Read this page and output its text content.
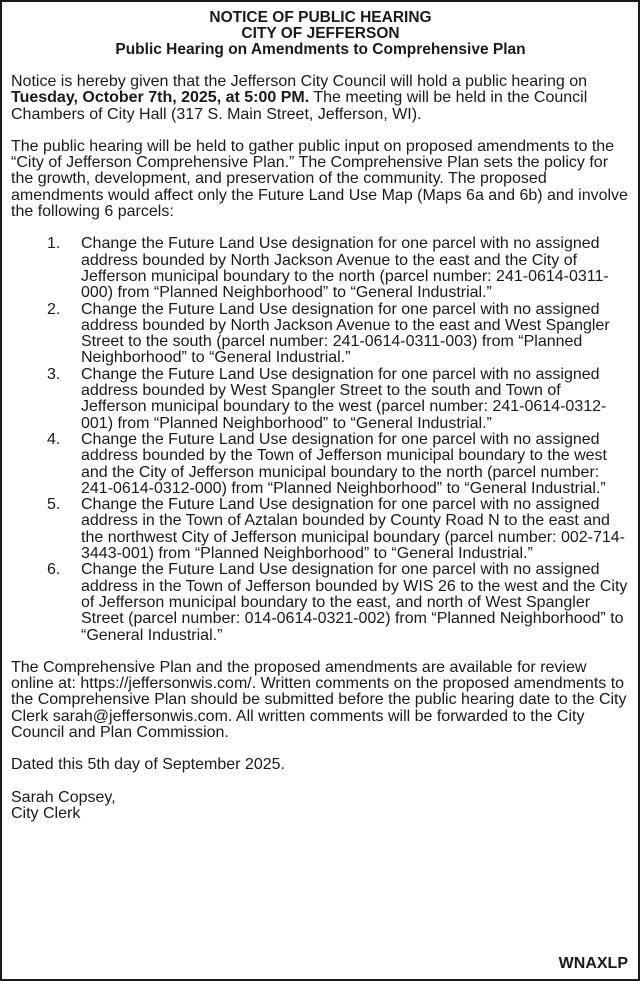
NOTICE OF PUBLIC HEARING
CITY OF JEFFERSON
Public Hearing on Amendments to Comprehensive Plan

Notice is hereby given that the Jefferson City Council will hold a public hearing on Tuesday, October 7th, 2025, at 5:00 PM. The meeting will be held in the Council Chambers of City Hall (317 S. Main Street, Jefferson, WI).

The public hearing will be held to gather public input on proposed amendments to the “City of Jefferson Comprehensive Plan.” The Comprehensive Plan sets the policy for the growth, development, and preservation of the community. The proposed amendments would affect only the Future Land Use Map (Maps 6a and 6b) and involve the following 6 parcels:

1.	Change the Future Land Use designation for one parcel with no assigned address bounded by North Jackson Avenue to the east and the City of Jefferson municipal boundary to the north (parcel number: 241-0614-0311-000) from “Planned Neighborhood” to “General Industrial.”
2.	Change the Future Land Use designation for one parcel with no assigned address bounded by North Jackson Avenue to the east and West Spangler Street to the south (parcel number: 241-0614-0311-003) from “Planned Neighborhood” to “General Industrial.”
3.	Change the Future Land Use designation for one parcel with no assigned address bounded by West Spangler Street to the south and Town of Jefferson municipal boundary to the west (parcel number: 241-0614-0312-001) from “Planned Neighborhood” to “General Industrial.”
4.	Change the Future Land Use designation for one parcel with no assigned address bounded by the Town of Jefferson municipal boundary to the west and the City of Jefferson municipal boundary to the north (parcel number: 241-0614-0312-000) from “Planned Neighborhood” to “General Industrial.”
5.	Change the Future Land Use designation for one parcel with no assigned address in the Town of Aztalan bounded by County Road N to the east and the northwest City of Jefferson municipal boundary (parcel number: 002-714-3443-001) from “Planned Neighborhood” to “General Industrial.”
6.	Change the Future Land Use designation for one parcel with no assigned address in the Town of Jefferson bounded by WIS 26 to the west and the City of Jefferson municipal boundary to the east, and north of West Spangler Street (parcel number: 014-0614-0321-002) from “Planned Neighborhood” to “General Industrial.”

The Comprehensive Plan and the proposed amendments are available for review online at: https://jeffersonwis.com/. Written comments on the proposed amendments to the Comprehensive Plan should be submitted before the public hearing date to the City Clerk sarah@jeffersonwis.com. All written comments will be forwarded to the City Council and Plan Commission.

Dated this 5th day of September 2025.

Sarah Copsey,

City Clerk

WNAXLP
